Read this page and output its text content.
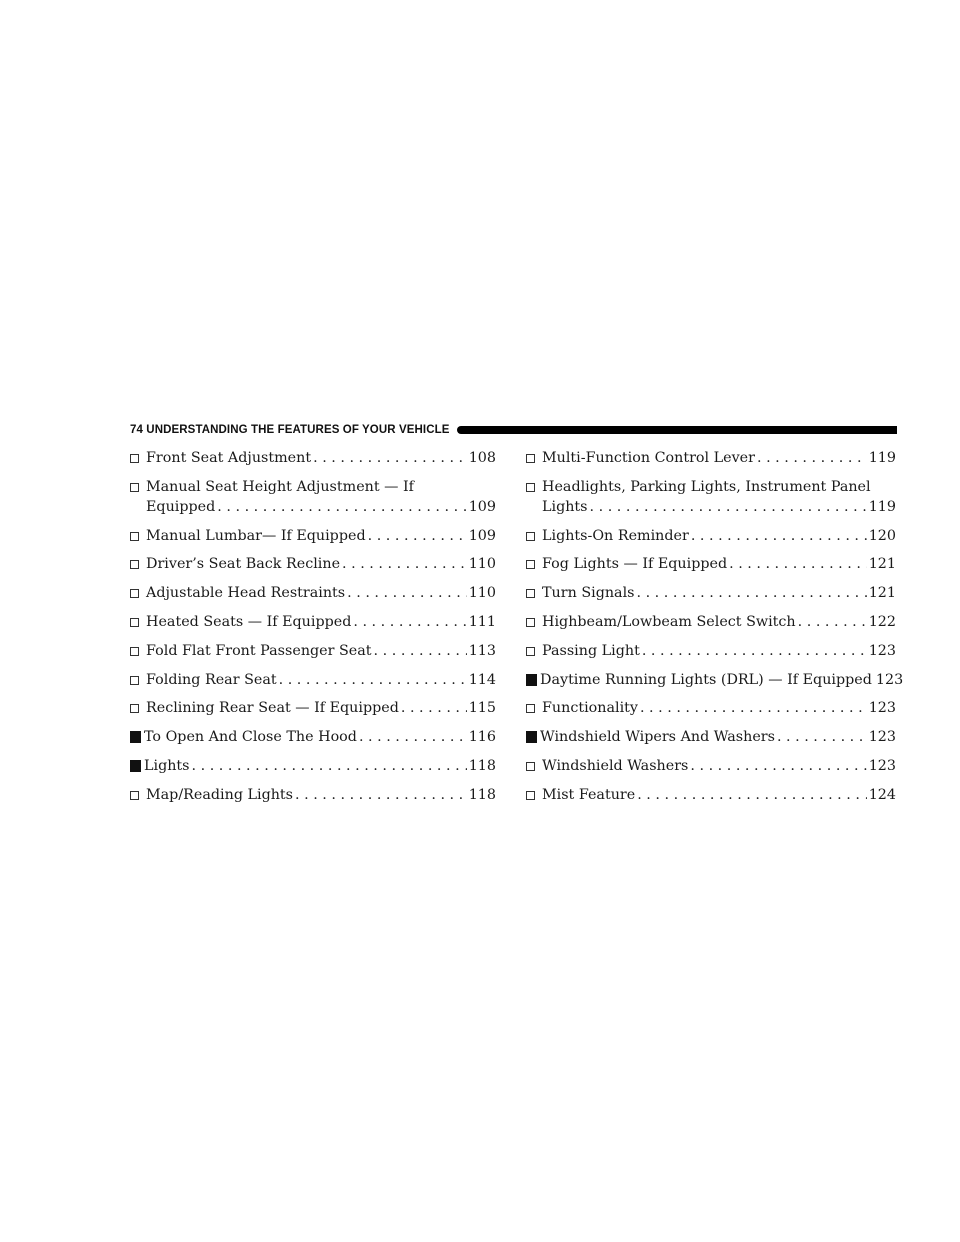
74 UNDERSTANDING THE FEATURES OF YOUR VEHICLE
Front Seat Adjustment . . .	108
Manual Seat Height Adjustment — If
Equipped . . .	109
Manual Lumbar— If Equipped . . .	109
Driver’s Seat Back Recline . . .	110
Adjustable Head Restraints . . .	110
Heated Seats — If Equipped . . .	111
Fold Flat Front Passenger Seat . . .	113
Folding Rear Seat . . .	114
Reclining Rear Seat — If Equipped . . .	115
To Open And Close The Hood . . .	116
Lights . . .	118
Map/Reading Lights . . .	118
Multi-Function Control Lever . . .	119
Headlights, Parking Lights, Instrument Panel
Lights . . .	119
Lights-On Reminder . . .	120
Fog Lights — If Equipped . . .	121
Turn Signals . . .	121
Highbeam/Lowbeam Select Switch . . .	122
Passing Light . . .	123
Daytime Running Lights (DRL) — If Equipped 123
Functionality . . .	123
Windshield Wipers And Washers . . .	123
Windshield Washers . . .	123
Mist Feature . . .	124
